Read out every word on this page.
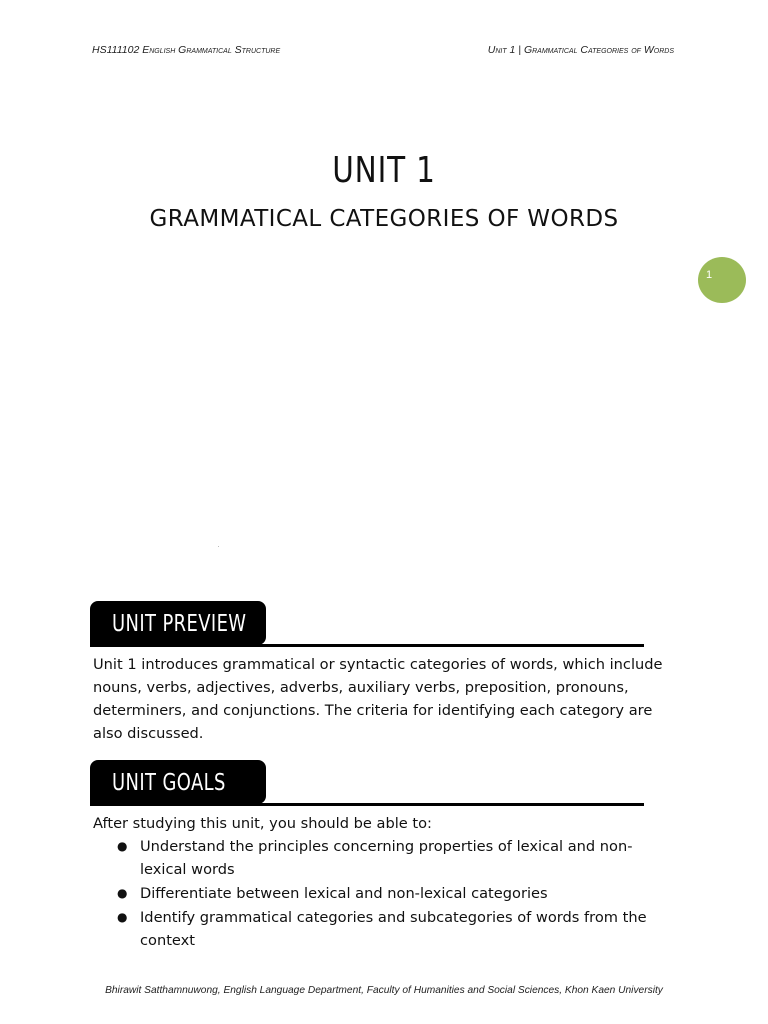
HS111102 English Grammatical Structure	Unit 1 | Grammatical Categories of Words
UNIT 1
GRAMMATICAL CATEGORIES OF WORDS
1
UNIT PREVIEW

Unit 1 introduces grammatical or syntactic categories of words, which include nouns, verbs, adjectives, adverbs, auxiliary verbs, preposition, pronouns, determiners, and conjunctions. The criteria for identifying each category are also discussed.

UNIT GOALS

After studying this unit, you should be able to:

● Understand the principles concerning properties of lexical and non-lexical words
● Differentiate between lexical and non-lexical categories
● Identify grammatical categories and subcategories of words from the context
Bhirawit Satthamnuwong, English Language Department, Faculty of Humanities and Social Sciences, Khon Kaen University
